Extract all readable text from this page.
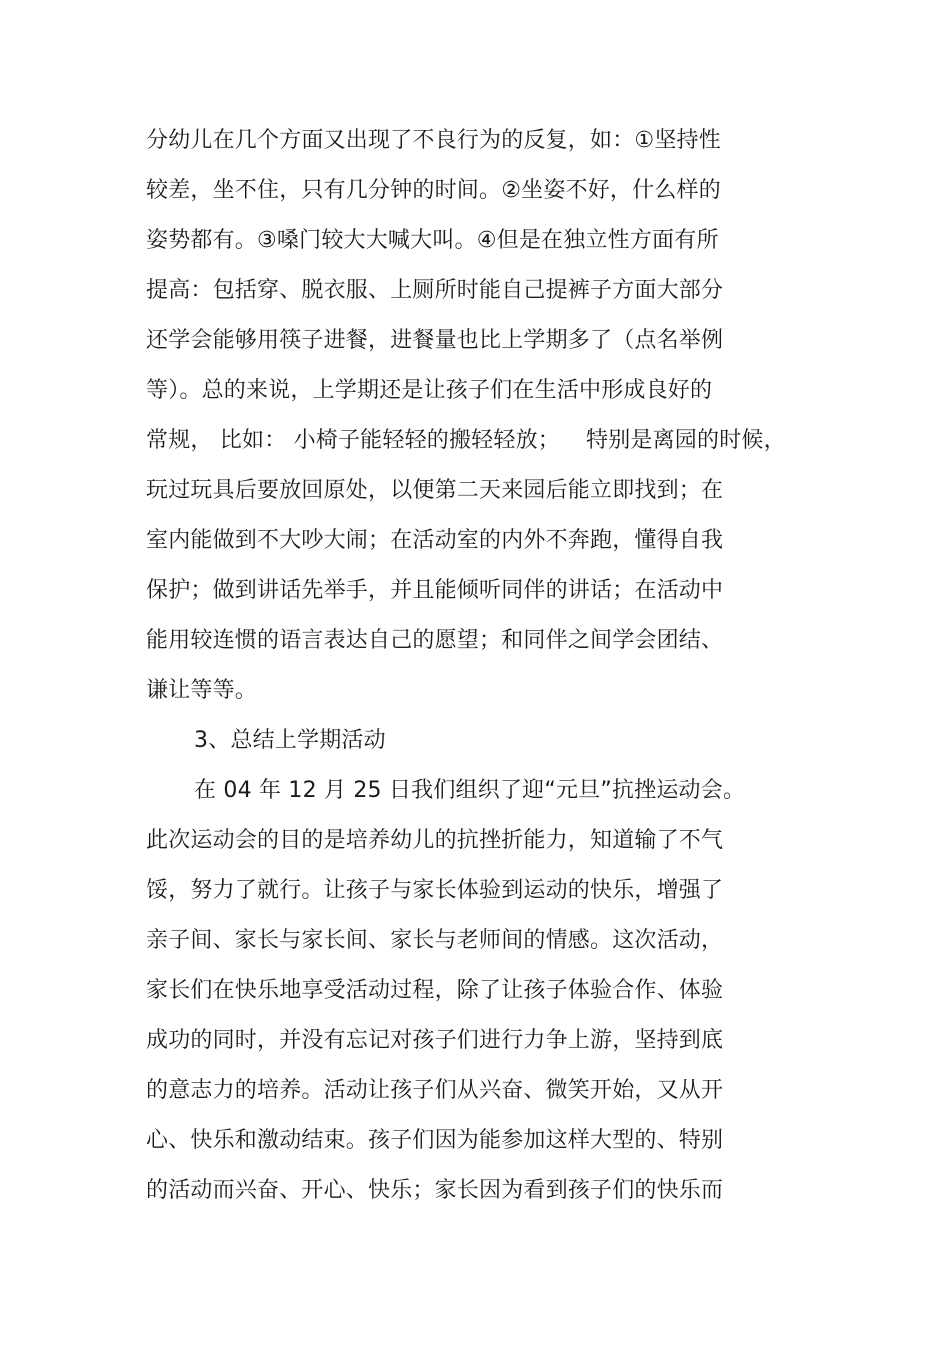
分幼儿在几个方面又出现了不良行为的反复，如：①坚持性
较差，坐不住，只有几分钟的时间。②坐姿不好，什么样的
姿势都有。③嗓门较大大喊大叫。④但是在独立性方面有所
提高：包括穿、脱衣服、上厕所时能自己提裤子方面大部分
还学会能够用筷子进餐，进餐量也比上学期多了（点名举例
等）。总的来说，上学期还是让孩子们在生活中形成良好的
常规， 比如： 小椅子能轻轻的搬轻轻放； 特别是离园的时候，
玩过玩具后要放回原处，以便第二天来园后能立即找到；在
室内能做到不大吵大闹；在活动室的内外不奔跑，懂得自我
保护；做到讲话先举手，并且能倾听同伴的讲话；在活动中
能用较连惯的语言表达自己的愿望；和同伴之间学会团结、
谦让等等。
3、总结上学期活动
在 04 年 12 月 25 日我们组织了迎“元旦”抗挫运动会。
此次运动会的目的是培养幼儿的抗挫折能力，知道输了不气
馁，努力了就行。让孩子与家长体验到运动的快乐，增强了
亲子间、家长与家长间、家长与老师间的情感。这次活动，
家长们在快乐地享受活动过程，除了让孩子体验合作、体验
成功的同时，并没有忘记对孩子们进行力争上游，坚持到底
的意志力的培养。活动让孩子们从兴奋、微笑开始，又从开
心、快乐和激动结束。孩子们因为能参加这样大型的、特别
的活动而兴奋、开心、快乐；家长因为看到孩子们的快乐而
